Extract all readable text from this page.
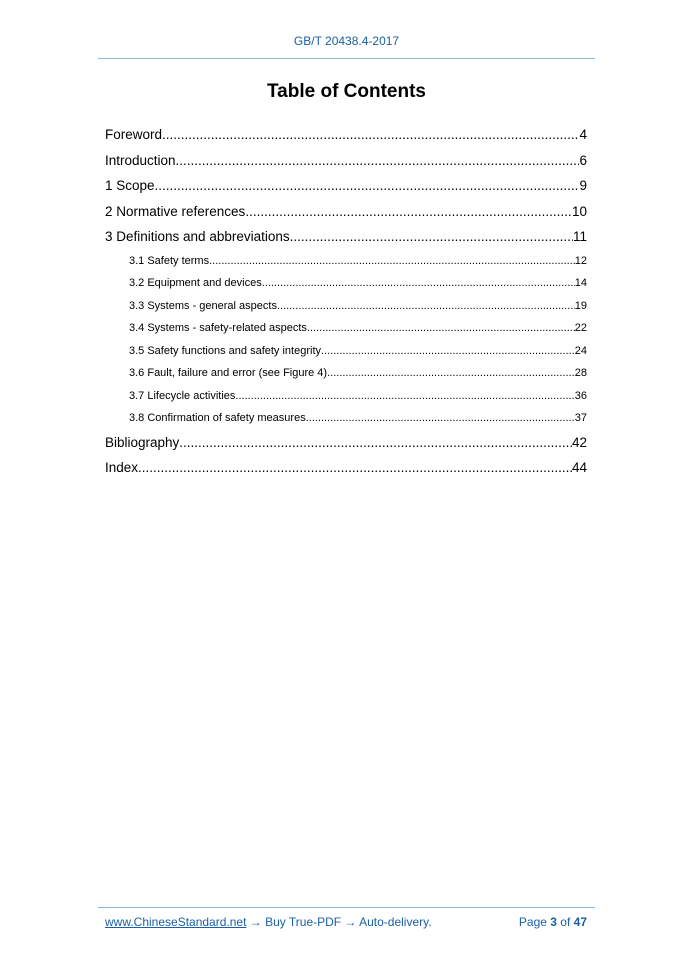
GB/T 20438.4-2017
Table of Contents
Foreword .....	4
Introduction .....	6
1 Scope .....	9
2 Normative references .....	10
3 Definitions and abbreviations .....	11
3.1 Safety terms .....	12
3.2 Equipment and devices .....	14
3.3 Systems - general aspects .....	19
3.4 Systems - safety-related aspects .....	22
3.5 Safety functions and safety integrity .....	24
3.6 Fault, failure and error (see Figure 4) .....	28
3.7 Lifecycle activities .....	36
3.8 Confirmation of safety measures .....	37
Bibliography .....	42
Index .....	44
www.ChineseStandard.net → Buy True-PDF → Auto-delivery.	Page 3 of 47
